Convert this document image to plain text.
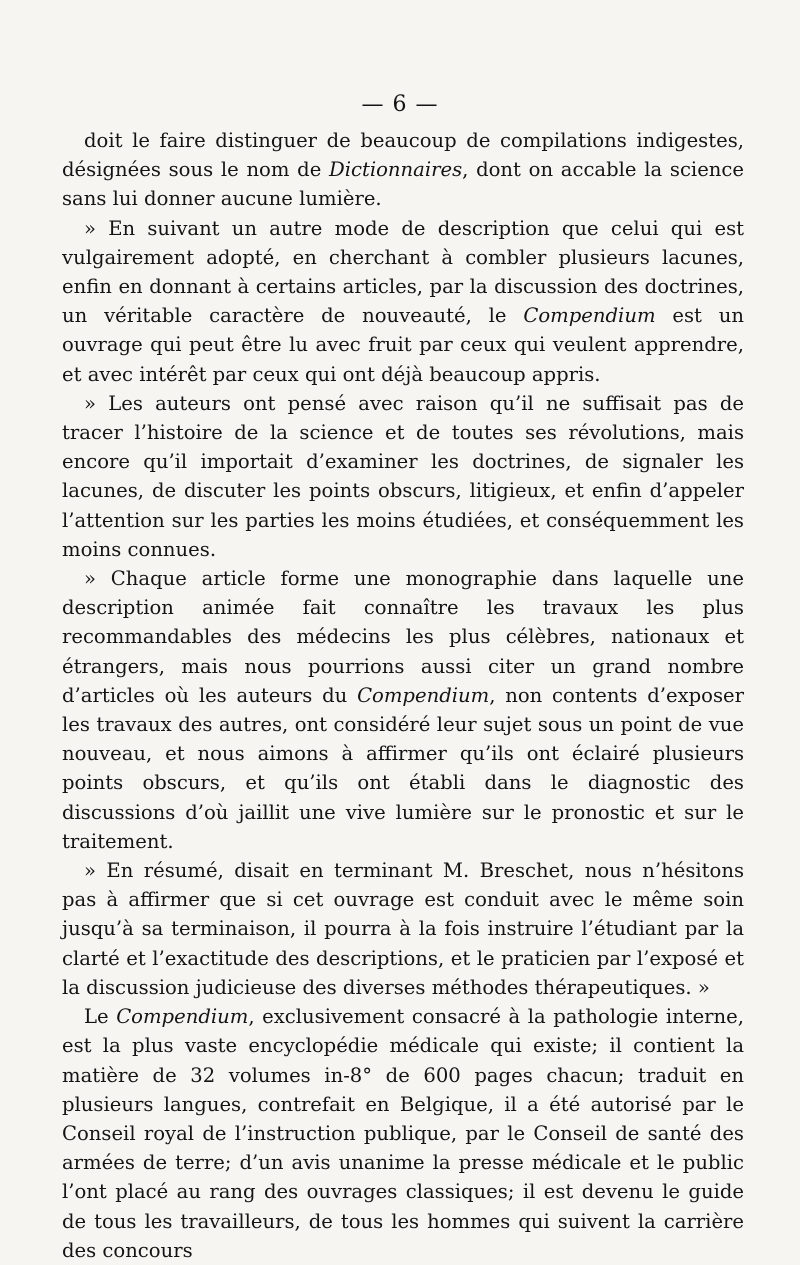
— 6 —

doit le faire distinguer de beaucoup de compilations indigestes, désignées sous le nom de Dictionnaires, dont on accable la science sans lui donner aucune lumière.

» En suivant un autre mode de description que celui qui est vulgairement adopté, en cherchant à combler plusieurs lacunes, enfin en donnant à certains articles, par la discussion des doctrines, un véritable caractère de nouveauté, le Compendium est un ouvrage qui peut être lu avec fruit par ceux qui veulent apprendre, et avec intérêt par ceux qui ont déjà beaucoup appris.

» Les auteurs ont pensé avec raison qu’il ne suffisait pas de tracer l’histoire de la science et de toutes ses révolutions, mais encore qu’il importait d’examiner les doctrines, de signaler les lacunes, de discuter les points obscurs, litigieux, et enfin d’appeler l’attention sur les parties les moins étudiées, et conséquemment les moins connues.

» Chaque article forme une monographie dans laquelle une description animée fait connaître les travaux les plus recommandables des médecins les plus célèbres, nationaux et étrangers, mais nous pourrions aussi citer un grand nombre d’articles où les auteurs du Compendium, non contents d’exposer les travaux des autres, ont considéré leur sujet sous un point de vue nouveau, et nous aimons à affirmer qu’ils ont éclairé plusieurs points obscurs, et qu’ils ont établi dans le diagnostic des discussions d’où jaillit une vive lumière sur le pronostic et sur le traitement.

» En résumé, disait en terminant M. Breschet, nous n’hésitons pas à affirmer que si cet ouvrage est conduit avec le même soin jusqu’à sa terminaison, il pourra à la fois instruire l’étudiant par la clarté et l’exactitude des descriptions, et le praticien par l’exposé et la discussion judicieuse des diverses méthodes thérapeutiques. »

Le Compendium, exclusivement consacré à la pathologie interne, est la plus vaste encyclopédie médicale qui existe; il contient la matière de 32 volumes in-8° de 600 pages chacun; traduit en plusieurs langues, contrefait en Belgique, il a été autorisé par le Conseil royal de l’instruction publique, par le Conseil de santé des armées de terre; d’un avis unanime la presse médicale et le public l’ont placé au rang des ouvrages classiques; il est devenu le guide de tous les travailleurs, de tous les hommes qui suivent la carrière des concours
